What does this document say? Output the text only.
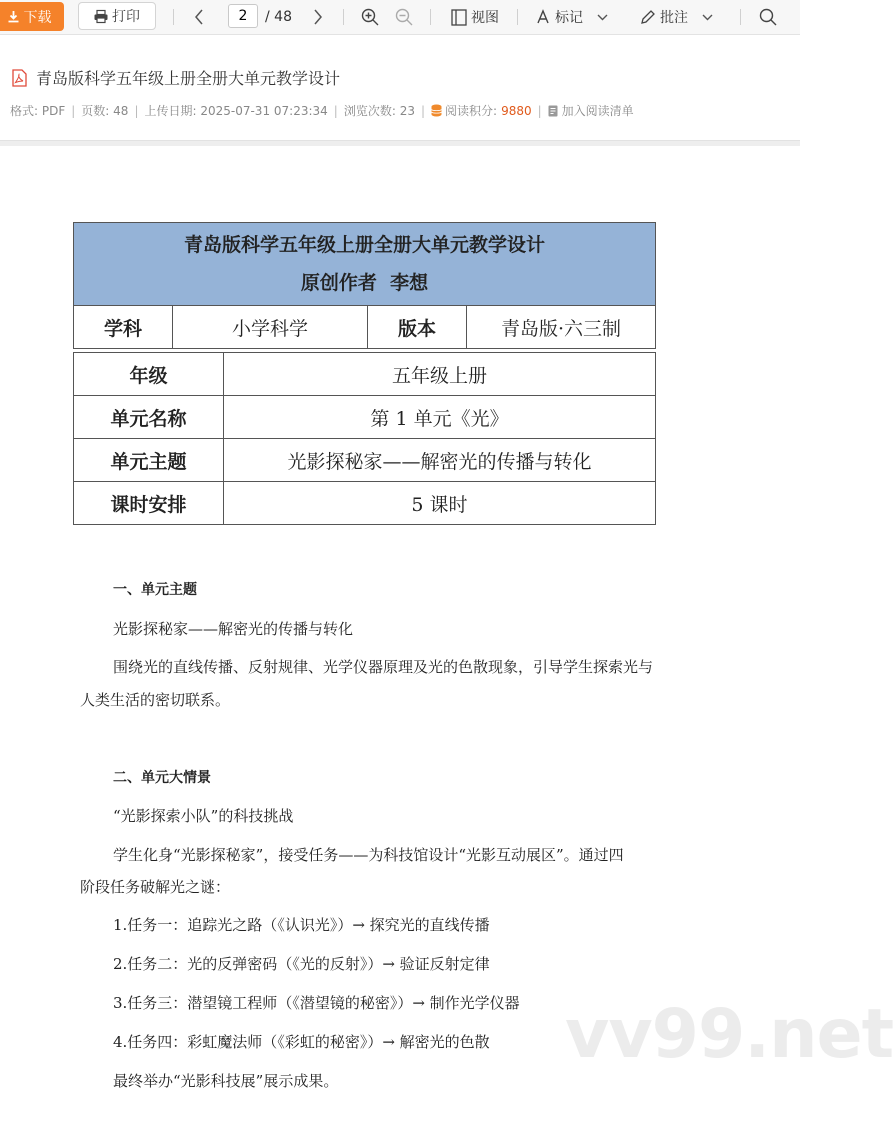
下载	打印
2	/ 48	视图	标记	批注
青岛版科学五年级上册全册大单元教学设计
格式: PDF | 页数: 48 | 上传日期: 2025-07-31 07:23:34 | 浏览次数: 23 | 阅读积分: 9880 | 加入阅读清单
青岛版科学五年级上册全册大单元教学设计
原创作者  李想

学科	小学科学	版本	青岛版·六三制
年级	五年级上册
单元名称	第 1 单元《光》
单元主题	光影探秘家——解密光的传播与转化
课时安排	5 课时
一、单元主题
光影探秘家——解密光的传播与转化
围绕光的直线传播、反射规律、光学仪器原理及光的色散现象，引导学生探索光与
人类生活的密切联系。
二、单元大情景
“光影探索小队”的科技挑战
学生化身“光影探秘家”，接受任务——为科技馆设计“光影互动展区”。通过四
阶段任务破解光之谜：
1.任务一：追踪光之路（《认识光》）→ 探究光的直线传播
2.任务二：光的反弹密码（《光的反射》）→ 验证反射定律
3.任务三：潜望镜工程师（《潜望镜的秘密》）→ 制作光学仪器
4.任务四：彩虹魔法师（《彩虹的秘密》）→ 解密光的色散
最终举办“光影科技展”展示成果。
vv99.net
